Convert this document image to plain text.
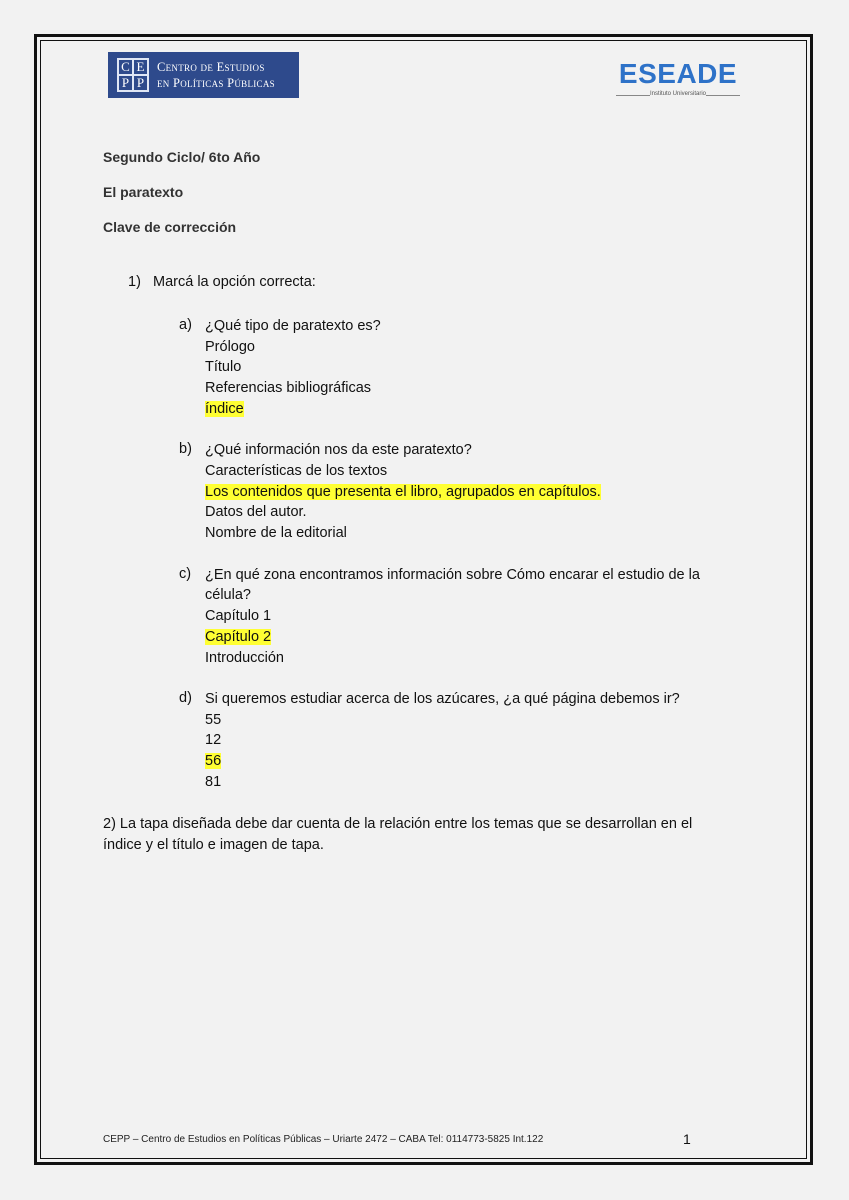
C E
P P
Centro de Estudios
en Políticas Públicas	ESEADE
Instituto Universitario
Segundo Ciclo/ 6to Año
El paratexto
Clave de corrección
1) Marcá la opción correcta:
a) ¿Qué tipo de paratexto es?
Prólogo
Título
Referencias bibliográficas
índice
b) ¿Qué información nos da este paratexto?
Características de los textos
Los contenidos que presenta el libro, agrupados en capítulos.
Datos del autor.
Nombre de la editorial
c) ¿En qué zona encontramos información sobre Cómo encarar el estudio de la
célula?
Capítulo 1
Capítulo 2
Introducción
d) Si queremos estudiar acerca de los azúcares, ¿a qué página debemos ir?
55
12
56
81
2) La tapa diseñada debe dar cuenta de la relación entre los temas que se desarrollan en el
índice y el título e imagen de tapa.
CEPP – Centro de Estudios en Políticas Públicas – Uriarte 2472 – CABA Tel: 0114773-5825 Int.122	1
